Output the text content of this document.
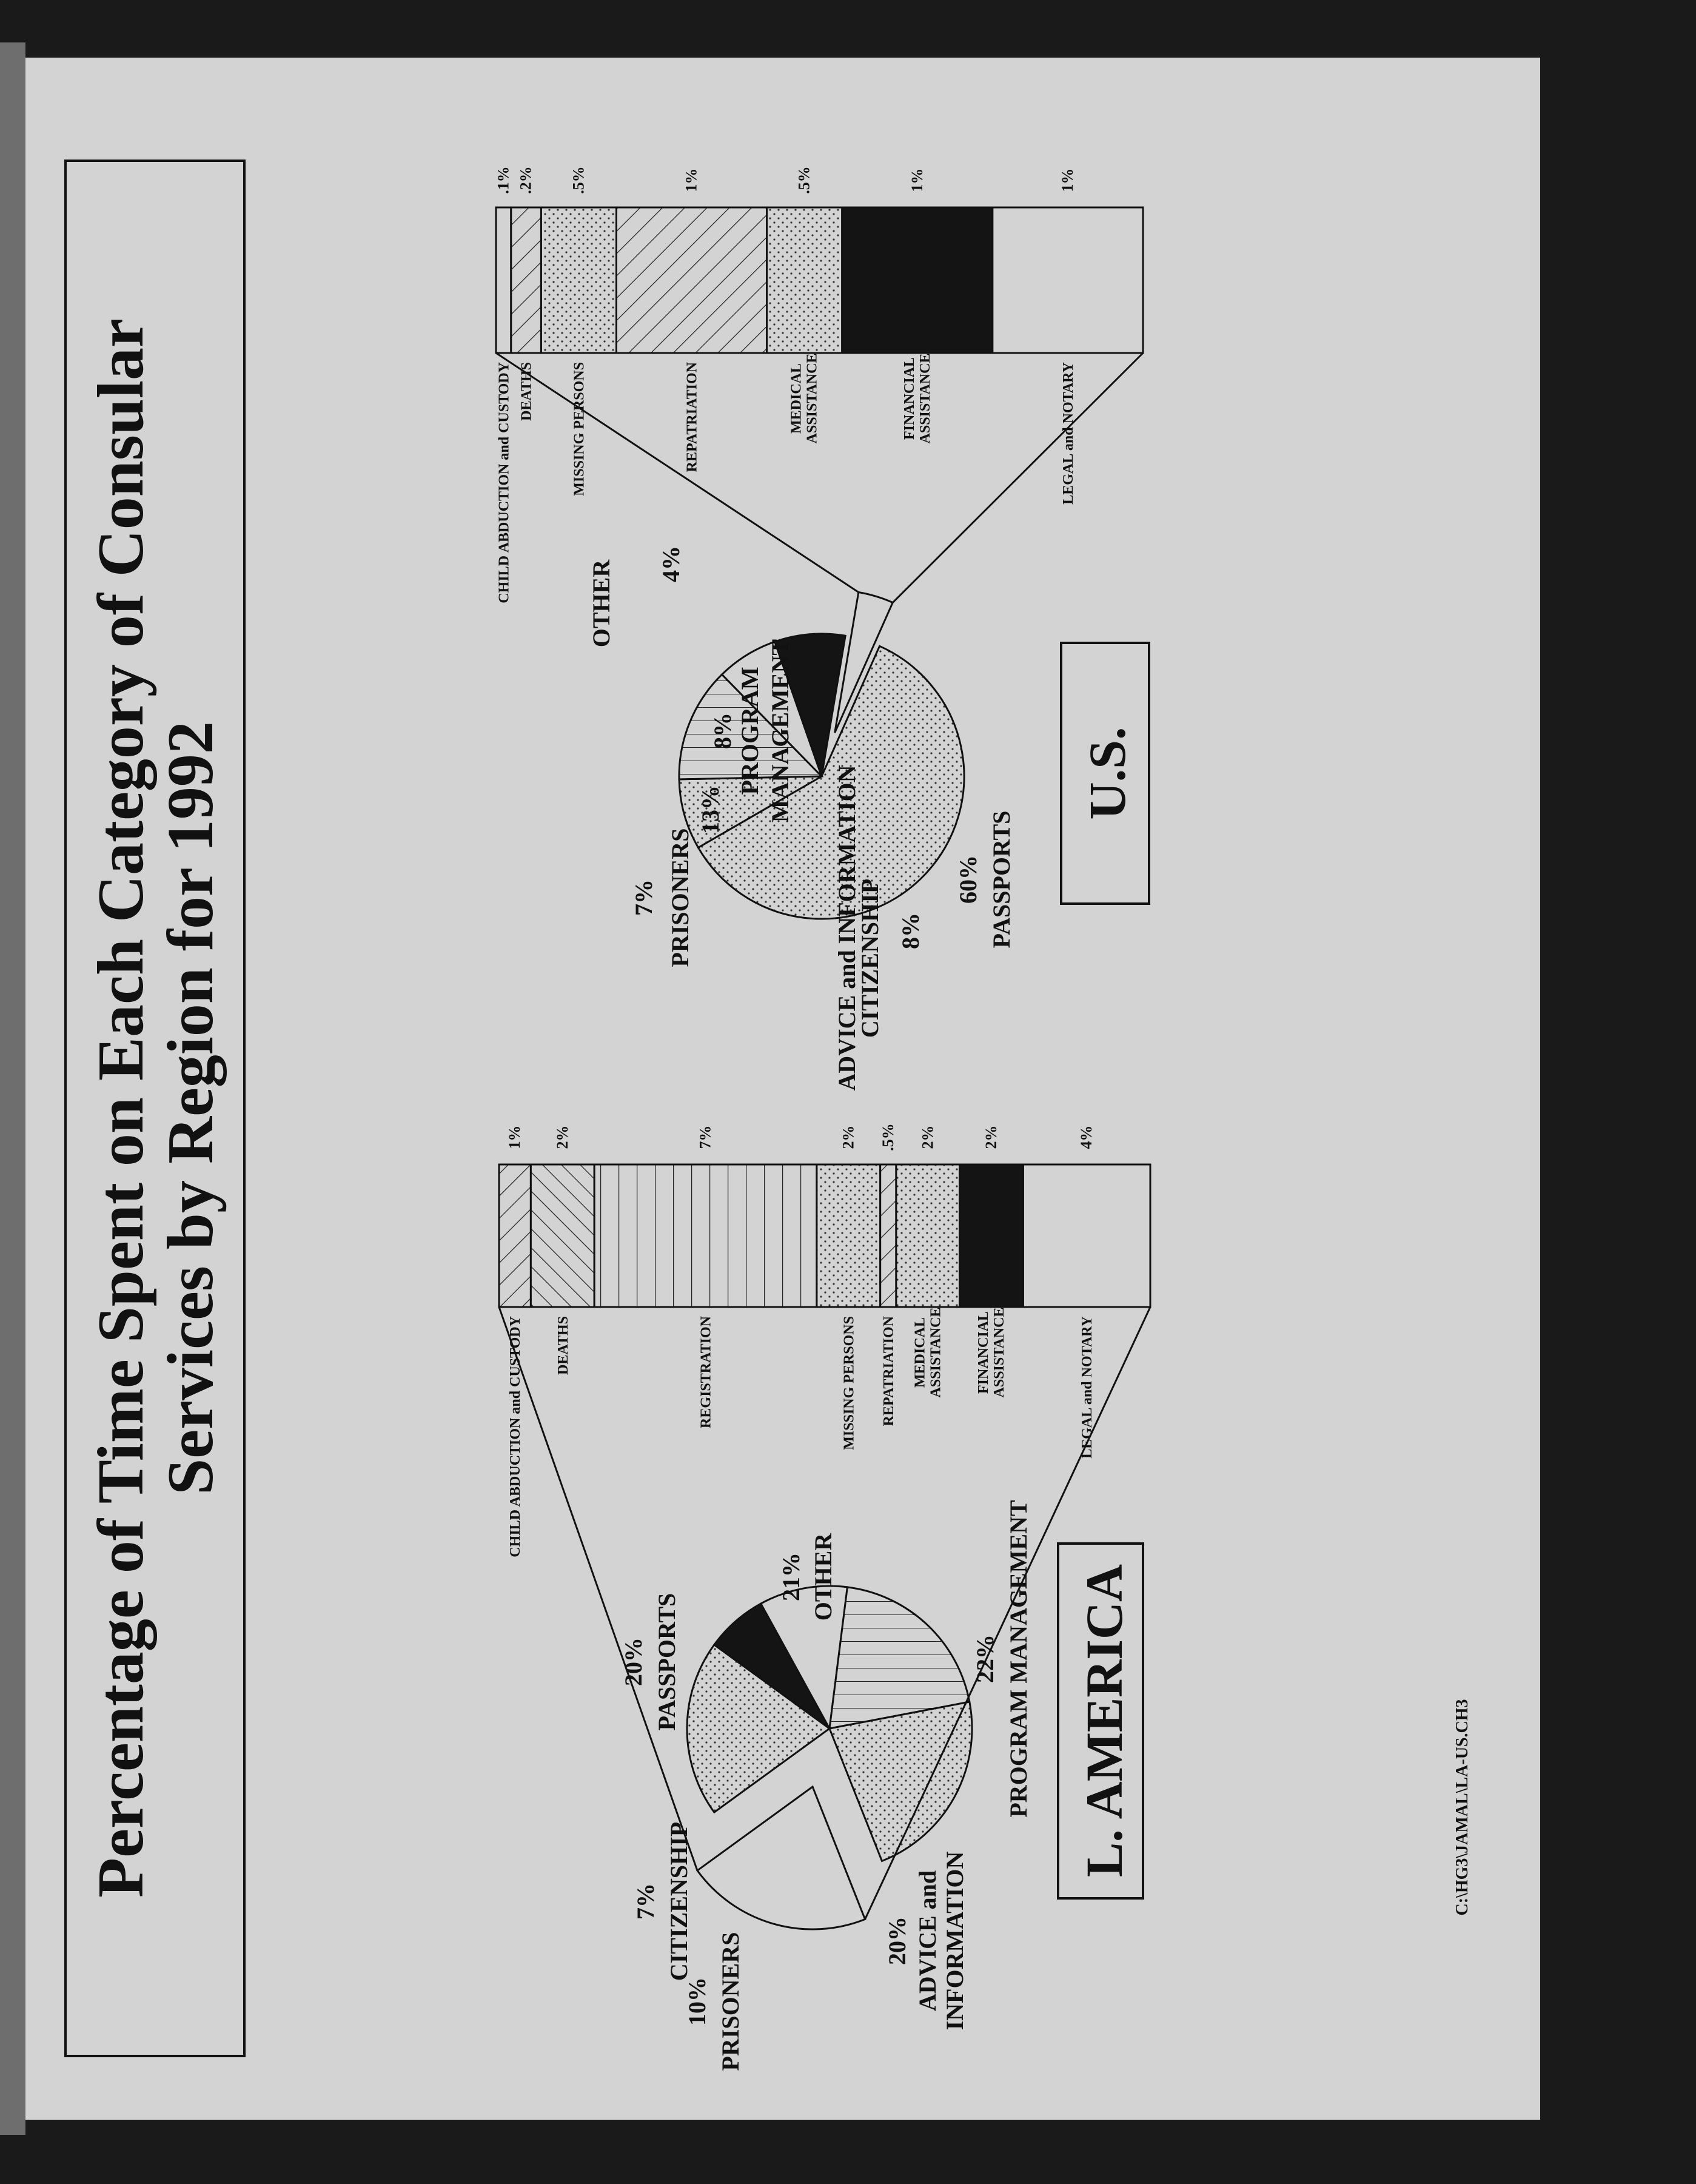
Percentage of Time Spent on Each Category of Consular
Services by Region for 1992
L. AMERICA
U.S.
C:\HG3\JAMAL\LA-US.CH3
20% PASSPORTS
7% CITIZENSHIP
10% PRISONERS	20% ADVICE and INFORMATION
22% PROGRAM MANAGEMENT
21% OTHER
1%
CHILD ABDUCTION and CUSTODY
2%
DEATHS
7%
REGISTRATION
2%
MISSING PERSONS
.5%
REPATRIATION
2%
MEDICAL ASSISTANCE
2%
FINANCIAL ASSISTANCE
4%
LEGAL and NOTARY
60% PASSPORTS
8%
CITIZENSHIP
13%	ADVICE and INFORMATION
7% PRISONERS
8% PROGRAM MANAGEMENT
4%
OTHER
.1%
CHILD ABDUCTION and CUSTODY
.2%
DEATHS
.5%
MISSING PERSONS
1%
REPATRIATION
.5%
MEDICAL ASSISTANCE
1%
FINANCIAL ASSISTANCE
1%
LEGAL and NOTARY
